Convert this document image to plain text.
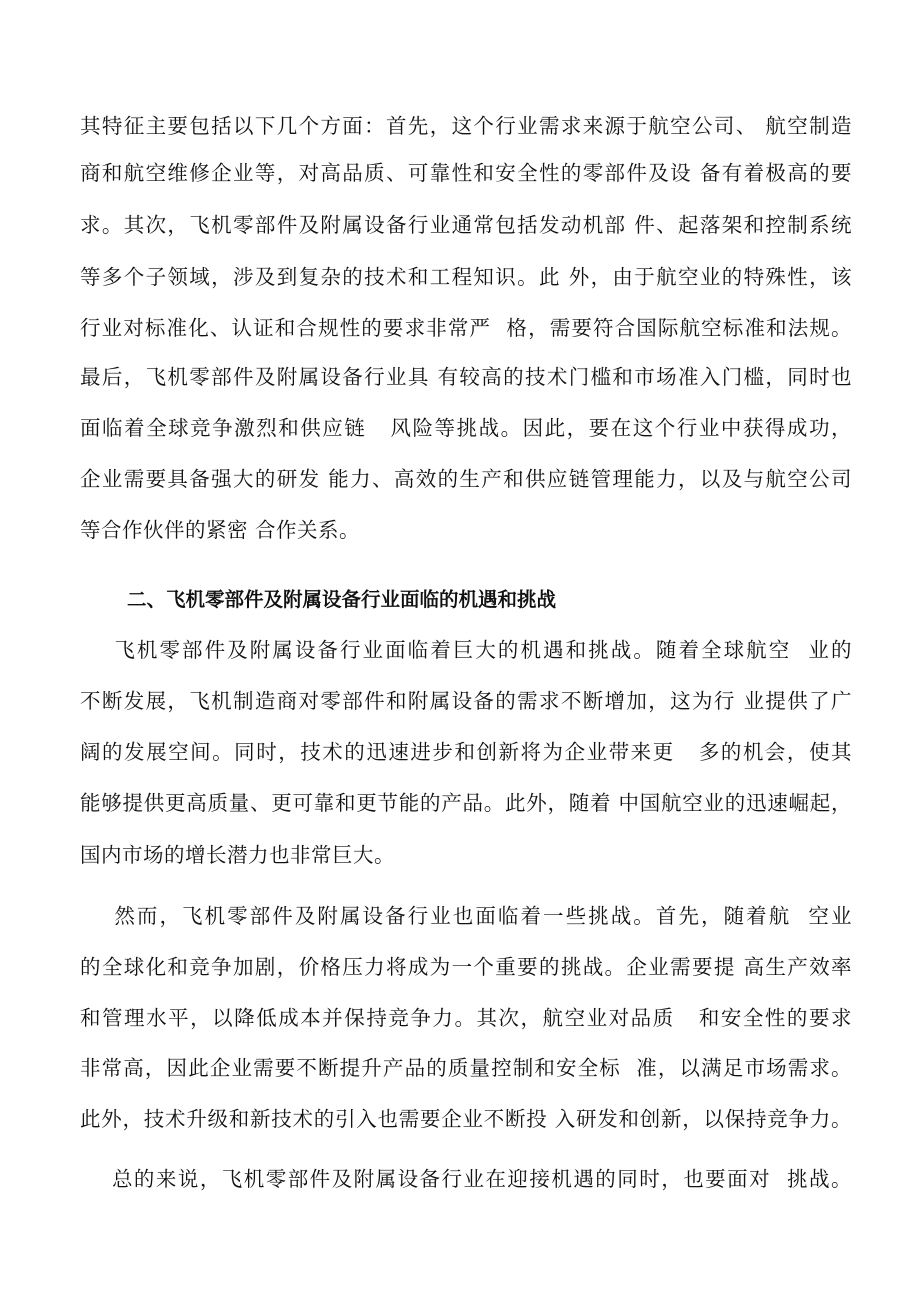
其特征主要包括以下几个方面：首先，这个行业需求来源于航空公司、 航空制造
商和航空维修企业等，对高品质、可靠性和安全性的零部件及设 备有着极高的要
求。其次，飞机零部件及附属设备行业通常包括发动机部 件、起落架和控制系统
等多个子领域，涉及到复杂的技术和工程知识。此 外，由于航空业的特殊性，该
行业对标准化、认证和合规性的要求非常严  格，需要符合国际航空标准和法规。
最后，飞机零部件及附属设备行业具 有较高的技术门槛和市场准入门槛，同时也
面临着全球竞争激烈和供应链   风险等挑战。因此，要在这个行业中获得成功，
企业需要具备强大的研发 能力、高效的生产和供应链管理能力，以及与航空公司
等合作伙伴的紧密 合作关系。
二、飞机零部件及附属设备行业面临的机遇和挑战
飞机零部件及附属设备行业面临着巨大的机遇和挑战。随着全球航空  业的
不断发展，飞机制造商对零部件和附属设备的需求不断增加，这为行 业提供了广
阔的发展空间。同时，技术的迅速进步和创新将为企业带来更   多的机会，使其
能够提供更高质量、更可靠和更节能的产品。此外，随着 中国航空业的迅速崛起，
国内市场的增长潜力也非常巨大。
然而，飞机零部件及附属设备行业也面临着一些挑战。首先，随着航  空业
的全球化和竞争加剧，价格压力将成为一个重要的挑战。企业需要提 高生产效率
和管理水平，以降低成本并保持竞争力。其次，航空业对品质   和安全性的要求
非常高，因此企业需要不断提升产品的质量控制和安全标  准，以满足市场需求。
此外，技术升级和新技术的引入也需要企业不断投 入研发和创新，以保持竞争力。
总的来说，飞机零部件及附属设备行业在迎接机遇的同时，也要面对  挑战。
